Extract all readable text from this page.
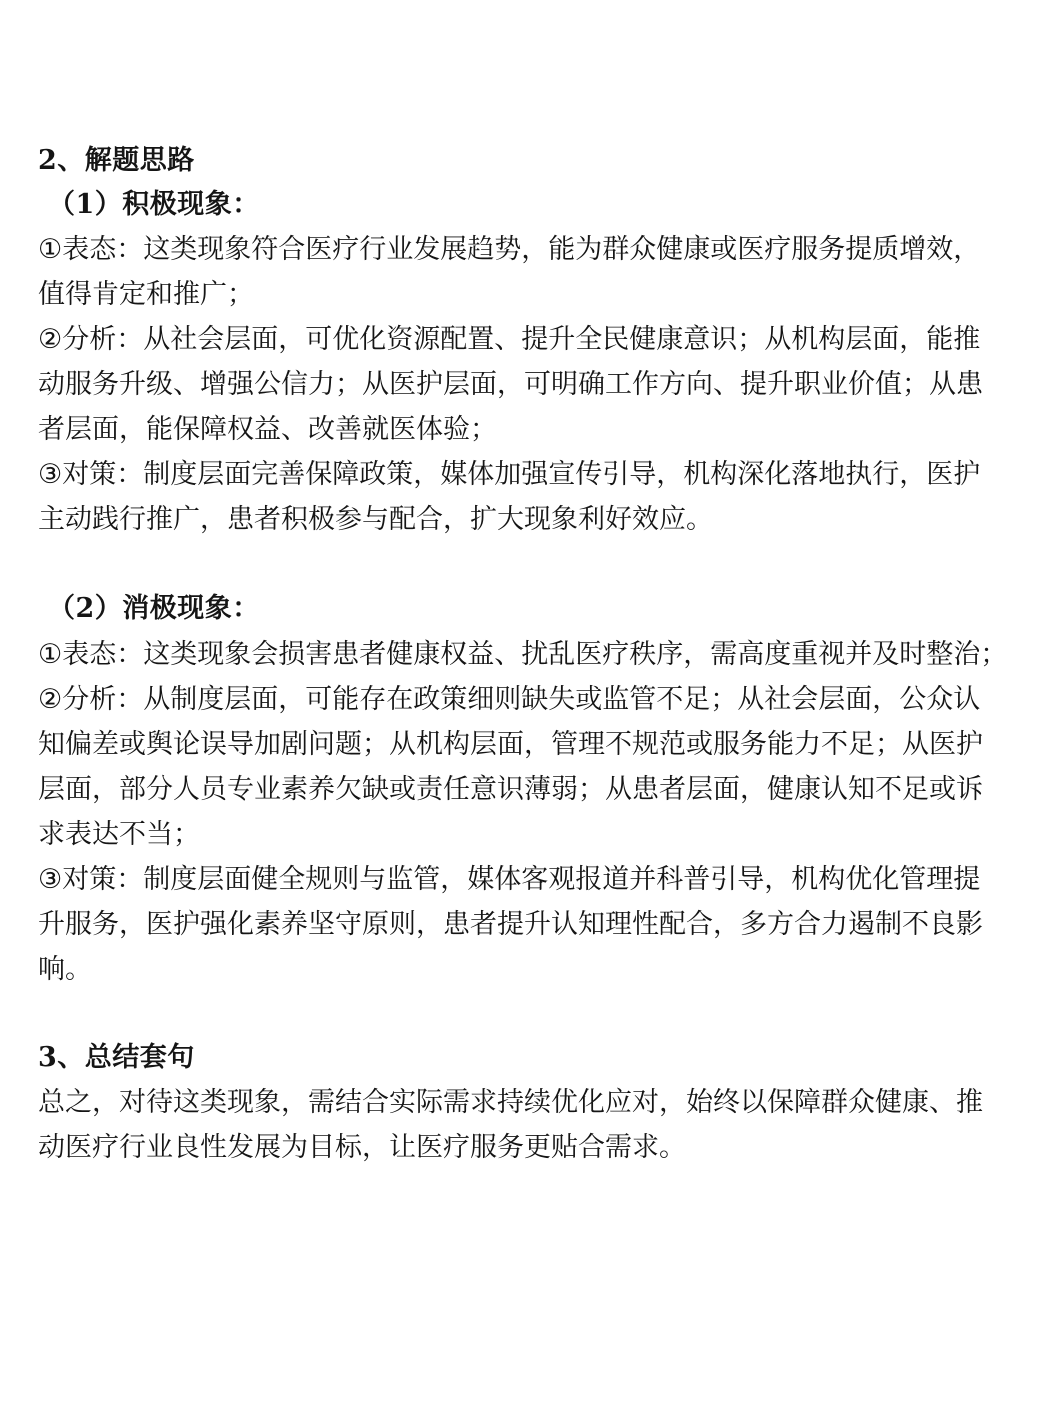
2、解题思路
（1）积极现象：
①表态：这类现象符合医疗行业发展趋势，能为群众健康或医疗服务提质增效，
值得肯定和推广；
②分析：从社会层面，可优化资源配置、提升全民健康意识；从机构层面，能推
动服务升级、增强公信力；从医护层面，可明确工作方向、提升职业价值；从患
者层面，能保障权益、改善就医体验；
③对策：制度层面完善保障政策，媒体加强宣传引导，机构深化落地执行，医护
主动践行推广，患者积极参与配合，扩大现象利好效应。
（2）消极现象：
①表态：这类现象会损害患者健康权益、扰乱医疗秩序，需高度重视并及时整治；
②分析：从制度层面，可能存在政策细则缺失或监管不足；从社会层面，公众认
知偏差或舆论误导加剧问题；从机构层面，管理不规范或服务能力不足；从医护
层面，部分人员专业素养欠缺或责任意识薄弱；从患者层面，健康认知不足或诉
求表达不当；
③对策：制度层面健全规则与监管，媒体客观报道并科普引导，机构优化管理提
升服务，医护强化素养坚守原则，患者提升认知理性配合，多方合力遏制不良影
响。
3、总结套句
总之，对待这类现象，需结合实际需求持续优化应对，始终以保障群众健康、推
动医疗行业良性发展为目标，让医疗服务更贴合需求。
